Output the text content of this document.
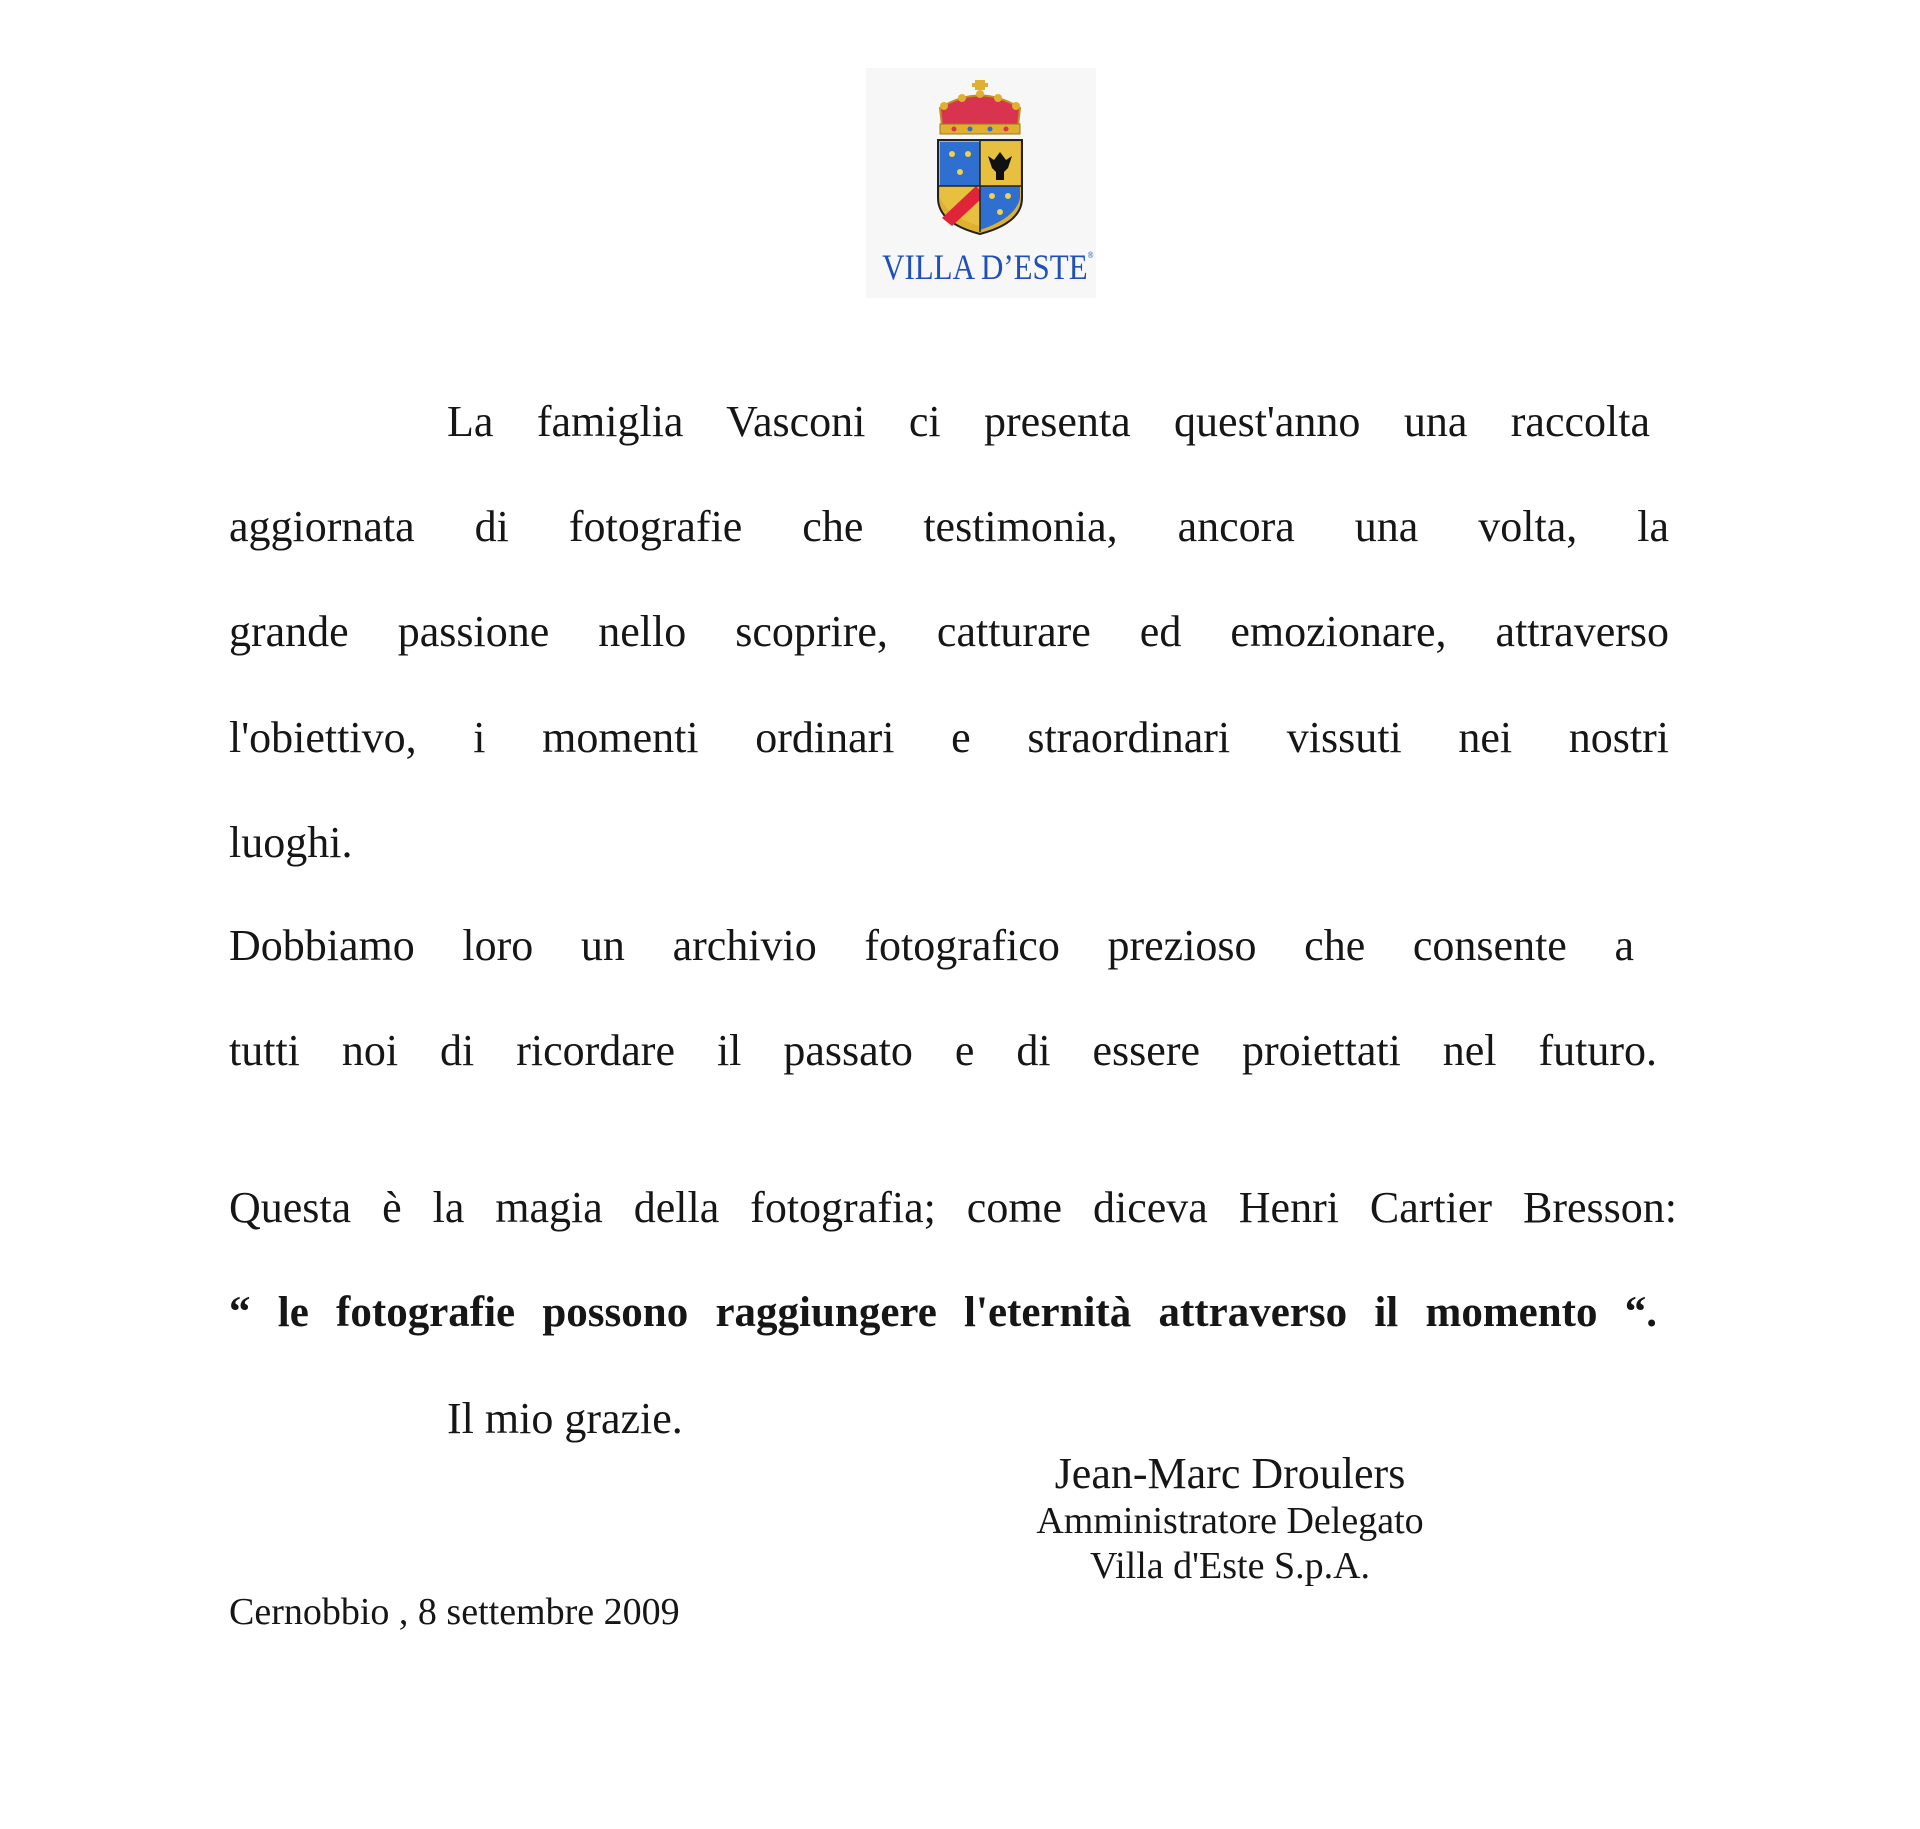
VILLA D’ESTE®
La famiglia Vasconi ci presenta quest'anno una raccolta
aggiornata di fotografie che testimonia, ancora una volta, la
grande passione nello scoprire, catturare ed emozionare, attraverso
l'obiettivo, i momenti ordinari e straordinari vissuti nei nostri
luoghi.
Dobbiamo loro un archivio fotografico prezioso che consente a
tutti noi di ricordare il passato e di essere proiettati nel futuro.
Questa è la magia della fotografia; come diceva Henri Cartier Bresson:
“ le fotografie possono raggiungere l'eternità attraverso il momento “.
Il mio grazie.
Jean-Marc Droulers
Amministratore Delegato
Villa d'Este S.p.A.
Cernobbio , 8 settembre 2009
